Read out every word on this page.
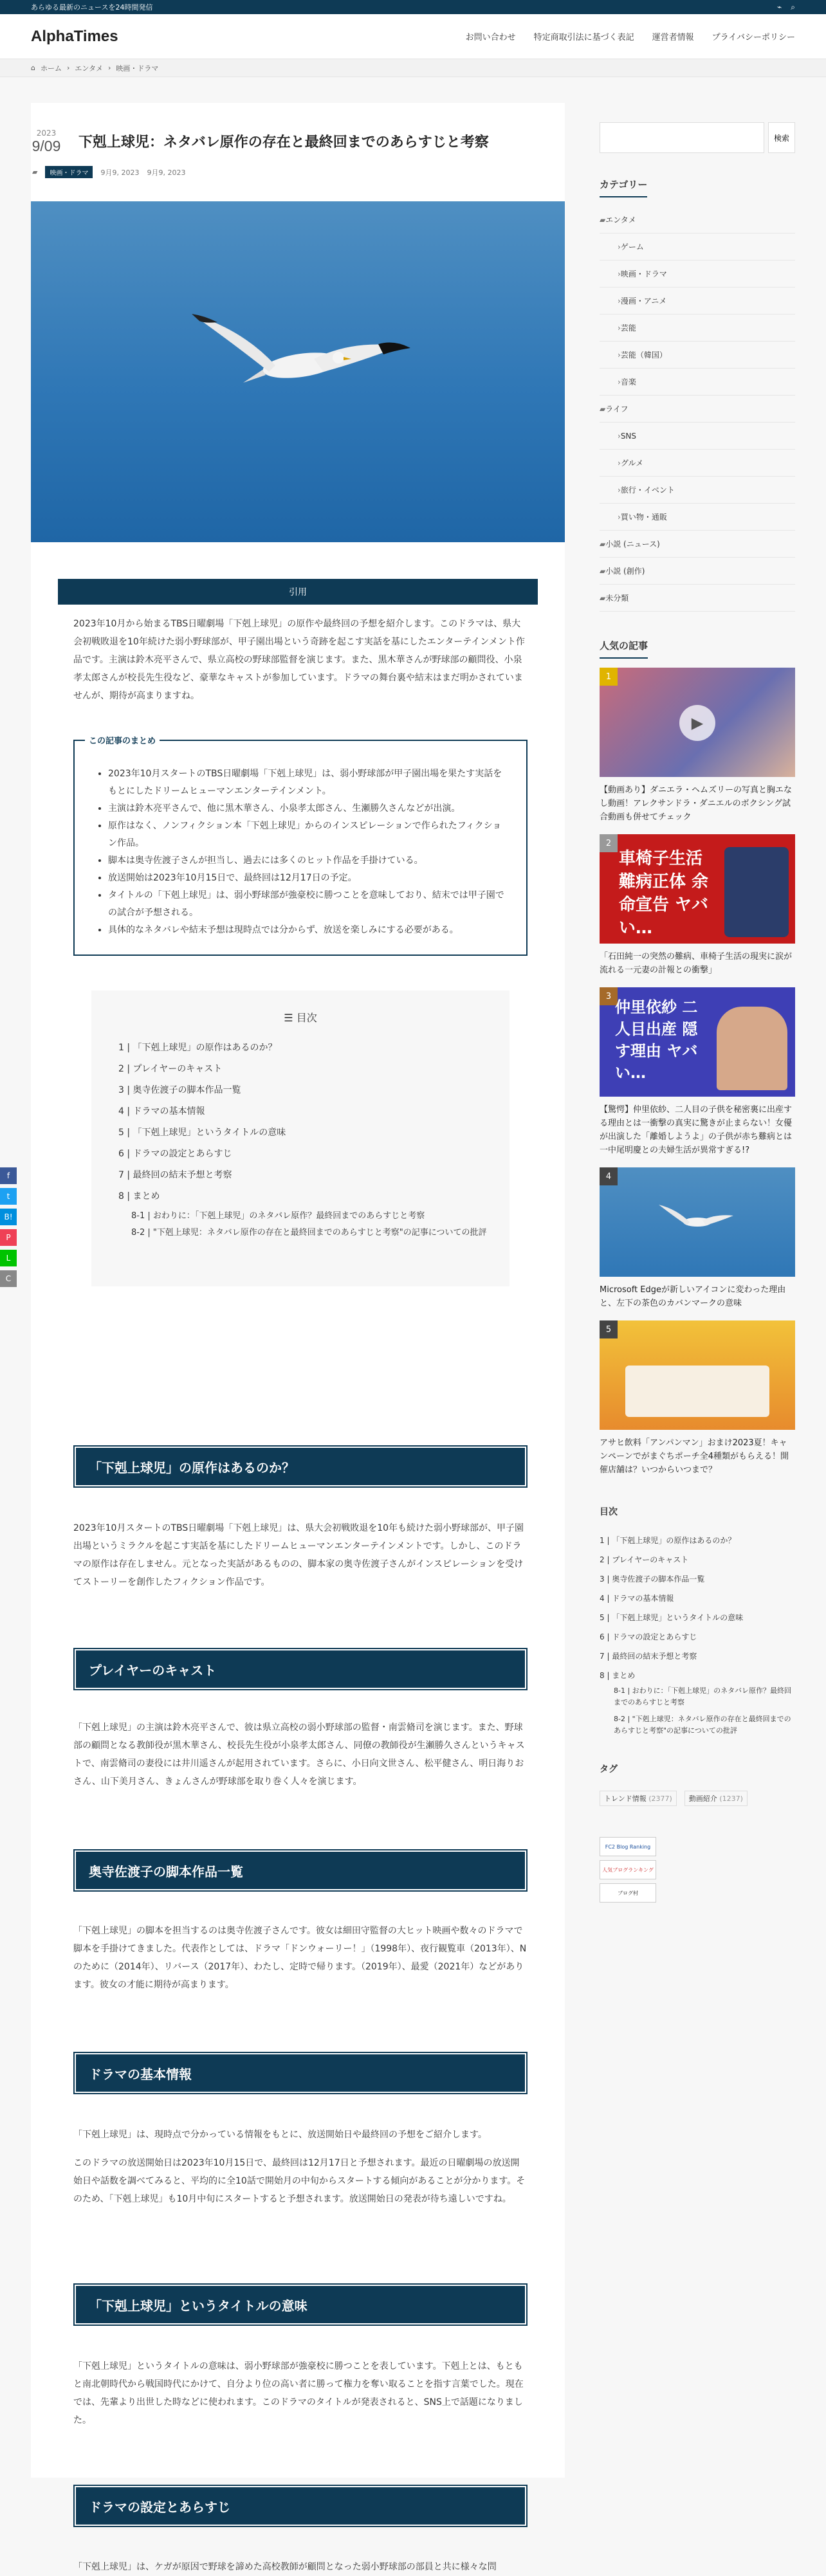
あらゆる最新のニュースを24時間発信	⌁ ⌕
AlphaTimes	お問い合わせ 特定商取引法に基づく表記 運営者情報 プライバシーポリシー
⌂ ホーム › エンタメ › 映画・ドラマ
2023
9/09 下剋上球児：ネタバレ原作の存在と最終回までのあらすじと考察
▰	映画・ドラマ	9月9, 2023 9月9, 2023
引用

2023年10月から始まるTBS日曜劇場「下剋上球児」の原作や最終回の予想を紹介します。このドラマは、県大会初戦敗退を10年続けた弱小野球部が、甲子園出場という奇跡を起こす実話を基にしたエンターテインメント作品です。主演は鈴木亮平さんで、県立高校の野球部監督を演じます。また、黒木華さんが野球部の顧問役、小泉孝太郎さんが校長先生役など、豪華なキャストが参加しています。ドラマの舞台裏や結末はまだ明かされていませんが、期待が高まりますね。

この記事のまとめ
• 2023年10月スタートのTBS日曜劇場「下剋上球児」は、弱小野球部が甲子園出場を果たす実話をもとにしたドリームヒューマンエンターテインメント。
• 主演は鈴木亮平さんで、他に黒木華さん、小泉孝太郎さん、生瀬勝久さんなどが出演。
• 原作はなく、ノンフィクション本「下剋上球児」からのインスピレーションで作られたフィクション作品。
• 脚本は奥寺佐渡子さんが担当し、過去には多くのヒット作品を手掛けている。
• 放送開始は2023年10月15日で、最終回は12月17日の予定。
• タイトルの「下剋上球児」は、弱小野球部が強豪校に勝つことを意味しており、結末では甲子園での試合が予想される。
• 具体的なネタバレや結末予想は現時点では分からず、放送を楽しみにする必要がある。
☰ 目次
1 | 「下剋上球児」の原作はあるのか？
2 | プレイヤーのキャスト
3 | 奥寺佐渡子の脚本作品一覧
4 | ドラマの基本情報
5 | 「下剋上球児」というタイトルの意味
6 | ドラマの設定とあらすじ
7 | 最終回の結末予想と考察
8 | まとめ
8-1 | おわりに：「下剋上球児」のネタバレ原作？最終回までのあらすじと考察
8-2 | "下剋上球児：ネタバレ原作の存在と最終回までのあらすじと考察"の記事についての批評
「下剋上球児」の原作はあるのか？

2023年10月スタートのTBS日曜劇場「下剋上球児」は、県大会初戦敗退を10年も続けた弱小野球部が、甲子園出場というミラクルを起こす実話を基にしたドリームヒューマンエンターテインメントです。しかし、このドラマの原作は存在しません。元となった実話があるものの、脚本家の奥寺佐渡子さんがインスピレーションを受けてストーリーを創作したフィクション作品です。

プレイヤーのキャスト

「下剋上球児」の主演は鈴木亮平さんで、彼は県立高校の弱小野球部の監督・南雲脩司を演じます。また、野球部の顧問となる教師役が黒木華さん、校長先生役が小泉孝太郎さん、同僚の教師役が生瀬勝久さんというキャストで、南雲脩司の妻役には井川遥さんが起用されています。さらに、小日向文世さん、松平健さん、明日海りおさん、山下美月さん、きょんさんが野球部を取り巻く人々を演じます。

奥寺佐渡子の脚本作品一覧

「下剋上球児」の脚本を担当するのは奥寺佐渡子さんです。彼女は細田守監督の大ヒット映画や数々のドラマで脚本を手掛けてきました。代表作としては、ドラマ「ドンウォーリー！」（1998年）、夜行観覧車（2013年）、Nのために（2014年）、リバース（2017年）、わたし、定時で帰ります。（2019年）、最愛（2021年）などがあります。彼女の才能に期待が高まります。

ドラマの基本情報

「下剋上球児」は、現時点で分かっている情報をもとに、放送開始日や最終回の予想をご紹介します。

このドラマの放送開始日は2023年10月15日で、最終回は12月17日と予想されます。最近の日曜劇場の放送開始日や話数を調べてみると、平均的に全10話で開始月の中旬からスタートする傾向があることが分かります。そのため、「下剋上球児」も10月中旬にスタートすると予想されます。放送開始日の発表が待ち遠しいですね。

「下剋上球児」というタイトルの意味

「下剋上球児」というタイトルの意味は、弱小野球部が強豪校に勝つことを表しています。下剋上とは、もともと南北朝時代から戦国時代にかけて、自分より位の高い者に勝って権力を奪い取ることを指す言葉でした。現在では、先輩より出世した時などに使われます。このドラマのタイトルが発表されると、SNS上で話題になりました。

ドラマの設定とあらすじ

「下剋上球児」は、ケガが原因で野球を諦めた高校教師が顧問となった弱小野球部の部員と共に様々な問

検索
カテゴリー
▰ エンタメ
› ゲーム
› 映画・ドラマ
› 漫画・アニメ
› 芸能
› 芸能（韓国）
› 音楽
▰ ライフ
› SNS
› グルメ
› 旅行・イベント
› 買い物・通販
▰ 小説 (ニュース)
▰ 小説 (創作)
▰ 未分類
人気の記事
1
▶
【動画あり】ダニエラ・ヘムズリーの写真と胸エなし動画！アレクサンドラ・ダニエルのボクシング試合動画も併せてチェック
2
車椅子生活 難病正体 余命宣告 ヤバい…
「石田純一の突然の難病、車椅子生活の現実に涙が流れる一元妻の計報との衝撃」
3
仲里依紗 二人目出産 隠す理由 ヤバい…
【驚愕】仲里依紗、二人目の子供を秘密裏に出産する理由とは一衝撃の真実に驚きが止まらない！女優が出演した「離婚しようよ」の子供が赤ち難病とは一中尾明慶との夫婦生活が異常すぎる!?
4
Microsoft Edgeが新しいアイコンに変わった理由と、左下の茶色のカバンマークの意味
5
アサヒ飲料「アンパンマン」おまけ2023夏！キャンペーンでがまぐちポーチ全4種類がもらえる！開催店舗は？いつからいつまで？
目次
1 | 「下剋上球児」の原作はあるのか？
2 | プレイヤーのキャスト
3 | 奥寺佐渡子の脚本作品一覧
4 | ドラマの基本情報
5 | 「下剋上球児」というタイトルの意味
6 | ドラマの設定とあらすじ
7 | 最終回の結末予想と考察
8 | まとめ
8-1 | おわりに：「下剋上球児」のネタバレ原作？最終回までのあらすじと考察
8-2 | "下剋上球児：ネタバレ原作の存在と最終回までのあらすじと考察"の記事についての批評
タグ
トレンド情報 (2377)	動画紹介 (1237)
FC2 Blog Ranking
人気ブログランキング
ブログ村
f
t
B!
P
L
C
